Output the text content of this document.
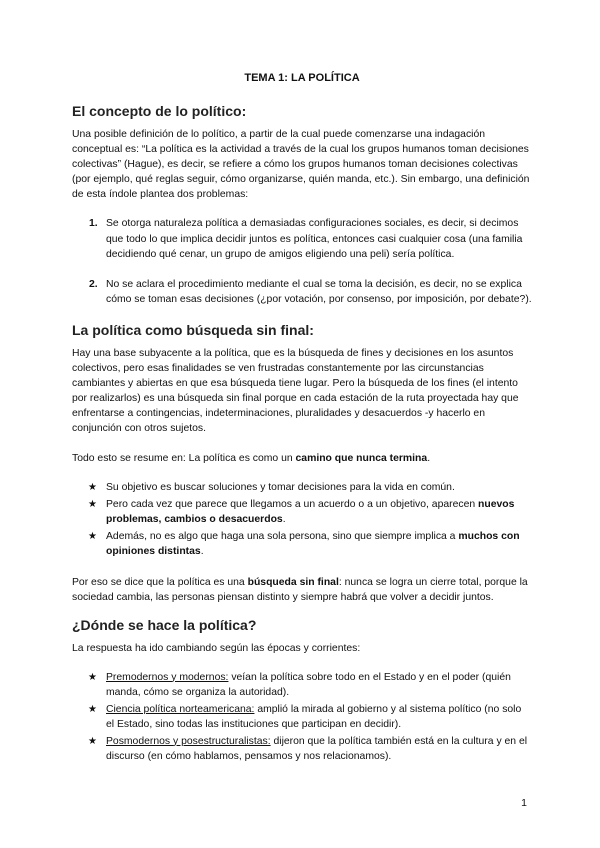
TEMA 1: LA POLÍTICA
El concepto de lo político:

Una posible definición de lo político, a partir de la cual puede comenzarse una indagación conceptual es: “La política es la actividad a través de la cual los grupos humanos toman decisiones colectivas” (Hague), es decir, se refiere a cómo los grupos humanos toman decisiones colectivas (por ejemplo, qué reglas seguir, cómo organizarse, quién manda, etc.). Sin embargo, una definición de esta índole plantea dos problemas:

1. Se otorga naturaleza política a demasiadas configuraciones sociales, es decir, si decimos que todo lo que implica decidir juntos es política, entonces casi cualquier cosa (una familia decidiendo qué cenar, un grupo de amigos eligiendo una peli) sería política.
2. No se aclara el procedimiento mediante el cual se toma la decisión, es decir, no se explica cómo se toman esas decisiones (¿por votación, por consenso, por imposición, por debate?).
La política como búsqueda sin final:

Hay una base subyacente a la política, que es la búsqueda de fines y decisiones en los asuntos colectivos, pero esas finalidades se ven frustradas constantemente por las circunstancias cambiantes y abiertas en que esa búsqueda tiene lugar. Pero la búsqueda de los fines (el intento por realizarlos) es una búsqueda sin final porque en cada estación de la ruta proyectada hay que enfrentarse a contingencias, indeterminaciones, pluralidades y desacuerdos -y hacerlo en conjunción con otros sujetos.

Todo esto se resume en: La política es como un camino que nunca termina.

★ Su objetivo es buscar soluciones y tomar decisiones para la vida en común.
★ Pero cada vez que parece que llegamos a un acuerdo o a un objetivo, aparecen nuevos problemas, cambios o desacuerdos.
★ Además, no es algo que haga una sola persona, sino que siempre implica a muchos con opiniones distintas.

Por eso se dice que la política es una búsqueda sin final: nunca se logra un cierre total, porque la sociedad cambia, las personas piensan distinto y siempre habrá que volver a decidir juntos.

¿Dónde se hace la política?

La respuesta ha ido cambiando según las épocas y corrientes:

★ Premodernos y modernos: veían la política sobre todo en el Estado y en el poder (quién manda, cómo se organiza la autoridad).
★ Ciencia política norteamericana: amplió la mirada al gobierno y al sistema político (no solo el Estado, sino todas las instituciones que participan en decidir).
★ Posmodernos y posestructuralistas: dijeron que la política también está en la cultura y en el discurso (en cómo hablamos, pensamos y nos relacionamos).
1
